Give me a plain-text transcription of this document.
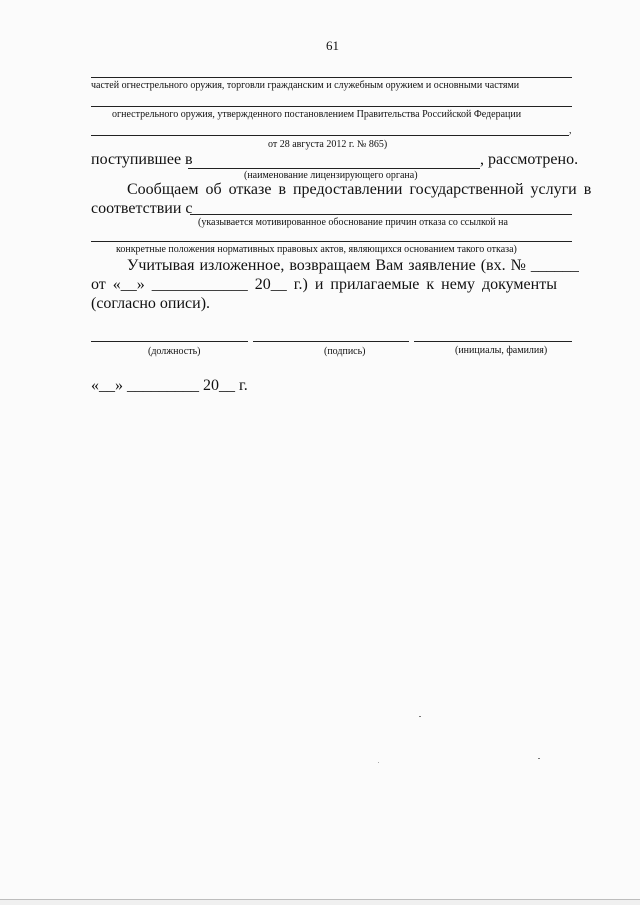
61
частей огнестрельного оружия, торговли гражданским и служебным оружием и основными частями
огнестрельного оружия, утвержденного постановлением Правительства Российской Федерации
,
от 28 августа 2012 г. № 865)
поступившее в	, рассмотрено.
(наименование лицензирующего органа)
Сообщаем об отказе в предоставлении государственной услуги в
соответствии с
(указывается мотивированное обоснование причин отказа со ссылкой на
конкретные положения нормативных правовых актов, являющихся основанием такого отказа)
Учитывая изложенное, возвращаем Вам заявление (вх. № ______
от «__» ____________ 20__ г.) и прилагаемые к нему документы
(согласно описи).
(должность)	(подпись)	(инициалы, фамилия)
«__» _________ 20__ г.
